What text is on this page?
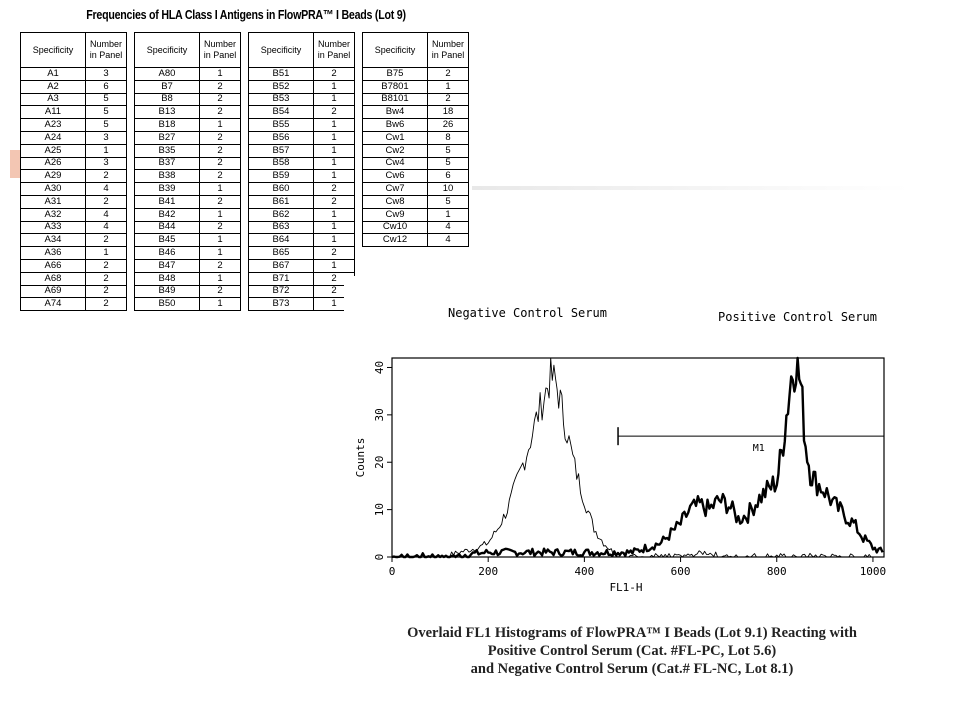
Frequencies of HLA Class I Antigens in FlowPRA™ I Beads (Lot 9)
Specificity	Number in Panel
A1	3
A2	6
A3	5
A11	5
A23	5
A24	3
A25	1
A26	3
A29	2
A30	4
A31	2
A32	4
A33	4
A34	2
A36	1
A66	2
A68	2
A69	2
A74	2
Specificity	Number in Panel
A80	1
B7	2
B8	2
B13	2
B18	1
B27	2
B35	2
B37	2
B38	2
B39	1
B41	2
B42	1
B44	2
B45	1
B46	1
B47	2
B48	1
B49	2
B50	1
Specificity	Number in Panel
B51	2
B52	1
B53	1
B54	2
B55	1
B56	1
B57	1
B58	1
B59	1
B60	2
B61	2
B62	1
B63	1
B64	1
B65	2
B67	1
B71	2
B72	2
B73	1
Specificity	Number in Panel
B75	2
B7801	1
B8101	2
Bw4	18
Bw6	26
Cw1	8
Cw2	5
Cw4	5
Cw6	6
Cw7	10
Cw8	5
Cw9	1
Cw10	4
Cw12	4
Negative Control Serum	Positive Control Serum
0	200	400	600	800	1000
0
10
20
30
40
FL1-H
Counts	M1
Overlaid FL1 Histograms of FlowPRA™ I Beads (Lot 9.1) Reacting with
Positive Control Serum (Cat. #FL-PC, Lot 5.6)
and Negative Control Serum (Cat.# FL-NC, Lot 8.1)
